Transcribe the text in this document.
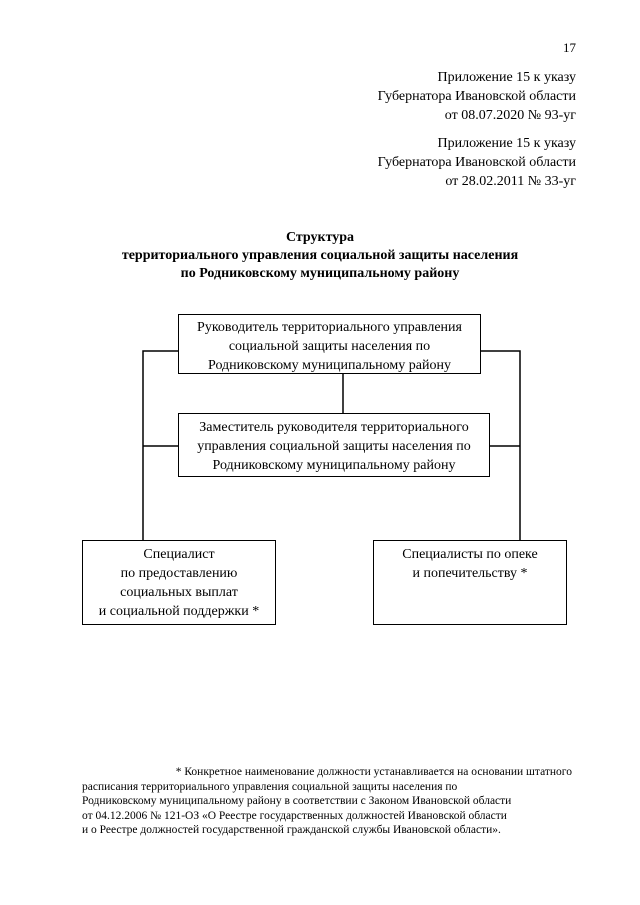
17
Приложение 15 к указу
Губернатора Ивановской области
от 08.07.2020 № 93-уг
Приложение 15 к указу
Губернатора Ивановской области
от 28.02.2011 № 33-уг
Структура
территориального управления социальной защиты населения
по Родниковскому муниципальному району
Руководитель территориального управления
социальной защиты населения по
Родниковскому муниципальному району
Заместитель руководителя территориального
управления социальной защиты населения по
Родниковскому муниципальному району
Специалист
по предоставлению
социальных выплат
и социальной поддержки *
Специалисты по опеке
и попечительству *
* Конкретное наименование должности устанавливается на основании штатного
расписания территориального управления социальной защиты населения по
Родниковскому муниципальному району в соответствии с Законом Ивановской области
от 04.12.2006 № 121-ОЗ «О Реестре государственных должностей Ивановской области
и о Реестре должностей государственной гражданской службы Ивановской области».
